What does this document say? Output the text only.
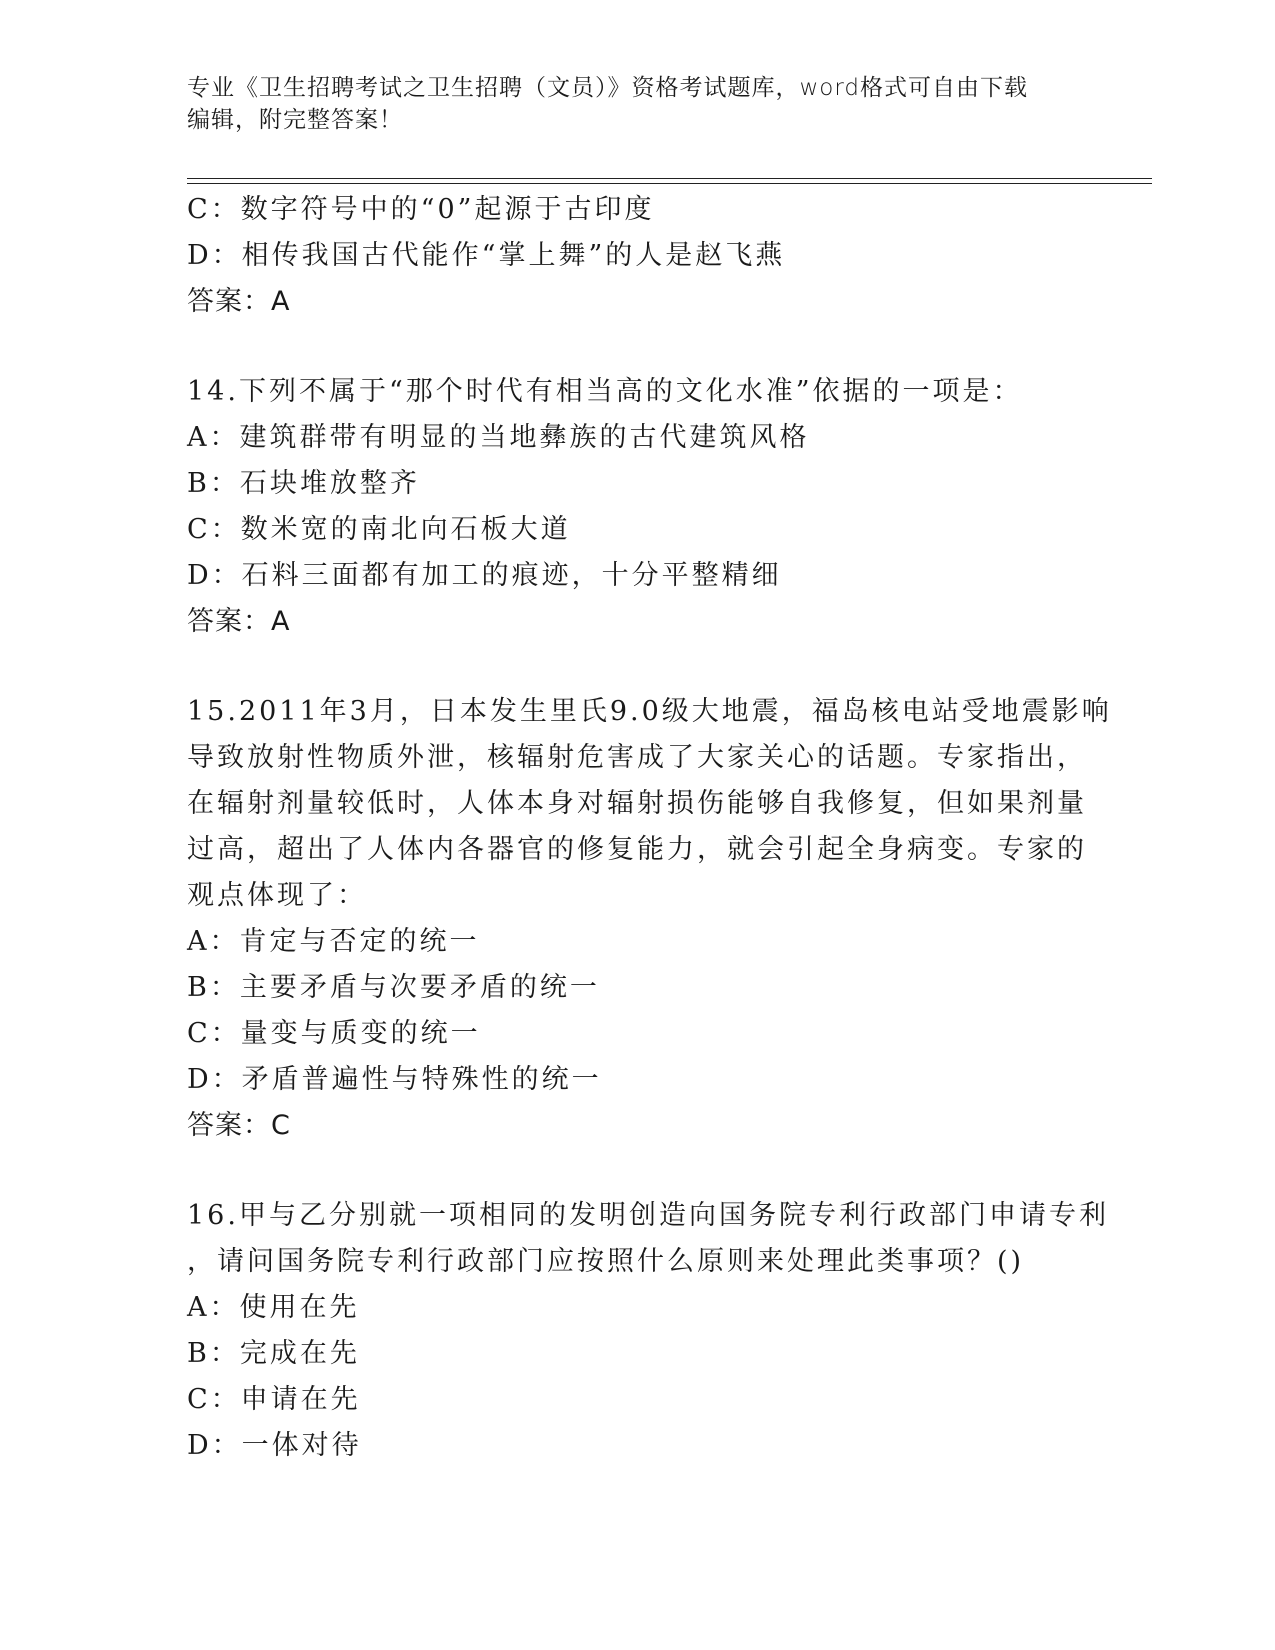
专业《卫生招聘考试之卫生招聘（文员）》资格考试题库，word格式可自由下载
编辑，附完整答案！
C：数字符号中的“0”起源于古印度
D：相传我国古代能作“掌上舞”的人是赵飞燕
答案：A
14.下列不属于“那个时代有相当高的文化水准”依据的一项是：
A：建筑群带有明显的当地彝族的古代建筑风格
B：石块堆放整齐
C：数米宽的南北向石板大道
D：石料三面都有加工的痕迹，十分平整精细
答案：A
15.2011年3月，日本发生里氏9.0级大地震，福岛核电站受地震影响
导致放射性物质外泄，核辐射危害成了大家关心的话题。专家指出，
在辐射剂量较低时，人体本身对辐射损伤能够自我修复，但如果剂量
过高，超出了人体内各器官的修复能力，就会引起全身病变。专家的
观点体现了：
A：肯定与否定的统一
B：主要矛盾与次要矛盾的统一
C：量变与质变的统一
D：矛盾普遍性与特殊性的统一
答案：C
16.甲与乙分别就一项相同的发明创造向国务院专利行政部门申请专利
，请问国务院专利行政部门应按照什么原则来处理此类事项？()
A：使用在先
B：完成在先
C：申请在先
D：一体对待
